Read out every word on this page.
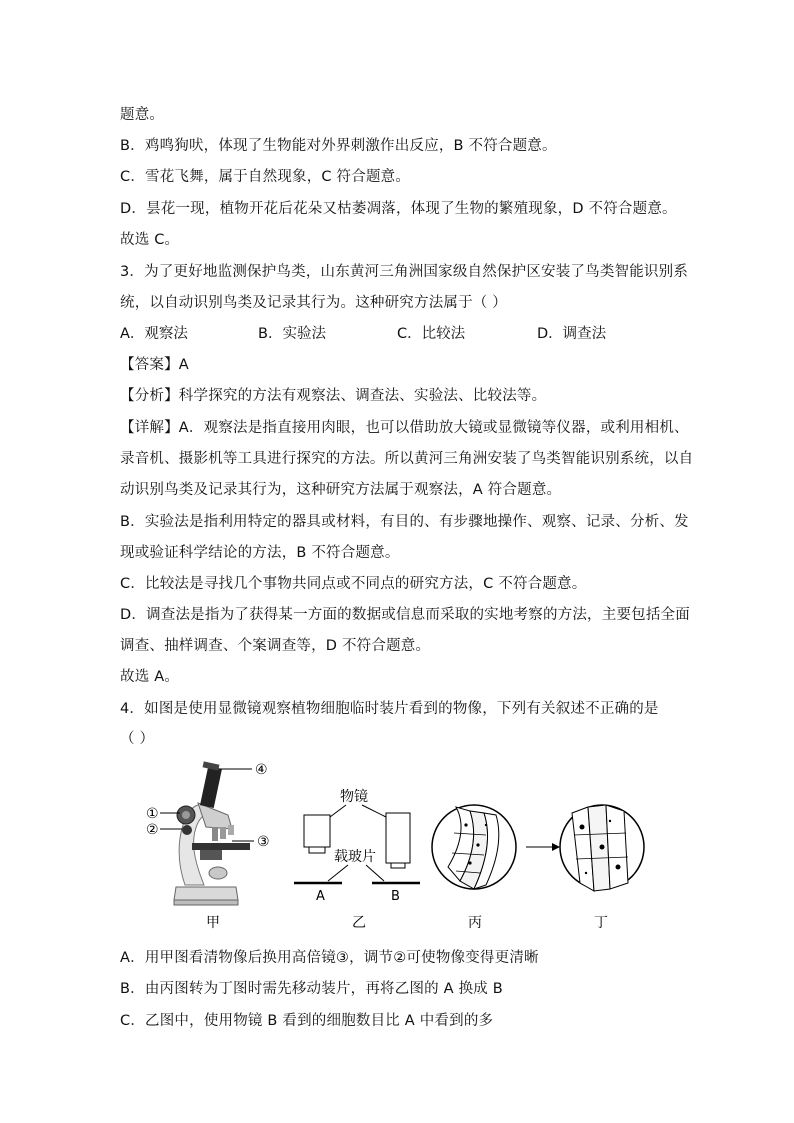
题意。
B．鸡鸣狗吠，体现了生物能对外界刺激作出反应，B 不符合题意。
C．雪花飞舞，属于自然现象，C 符合题意。
D．昙花一现，植物开花后花朵又枯萎凋落，体现了生物的繁殖现象，D 不符合题意。
故选 C。
3．为了更好地监测保护鸟类，山东黄河三角洲国家级自然保护区安装了鸟类智能识别系
统，以自动识别鸟类及记录其行为。这种研究方法属于（ ）
A．观察法	B．实验法	C．比较法	D．调查法
【答案】A
【分析】科学探究的方法有观察法、调查法、实验法、比较法等。
【详解】A．观察法是指直接用肉眼，也可以借助放大镜或显微镜等仪器，或利用相机、
录音机、摄影机等工具进行探究的方法。所以黄河三角洲安装了鸟类智能识别系统，以自
动识别鸟类及记录其行为，这种研究方法属于观察法，A 符合题意。
B．实验法是指利用特定的器具或材料，有目的、有步骤地操作、观察、记录、分析、发
现或验证科学结论的方法，B 不符合题意。
C．比较法是寻找几个事物共同点或不同点的研究方法，C 不符合题意。
D．调查法是指为了获得某一方面的数据或信息而采取的实地考察的方法，主要包括全面
调查、抽样调查、个案调查等，D 不符合题意。
故选 A。
4．如图是使用显微镜观察植物细胞临时装片看到的物像，下列有关叙述不正确的是
（ ）
④
①
②
③
物镜
载玻片
A	B
甲	乙	丙	丁
A．用甲图看清物像后换用高倍镜③，调节②可使物像变得更清晰
B．由丙图转为丁图时需先移动装片，再将乙图的 A 换成 B
C．乙图中，使用物镜 B 看到的细胞数目比 A 中看到的多
